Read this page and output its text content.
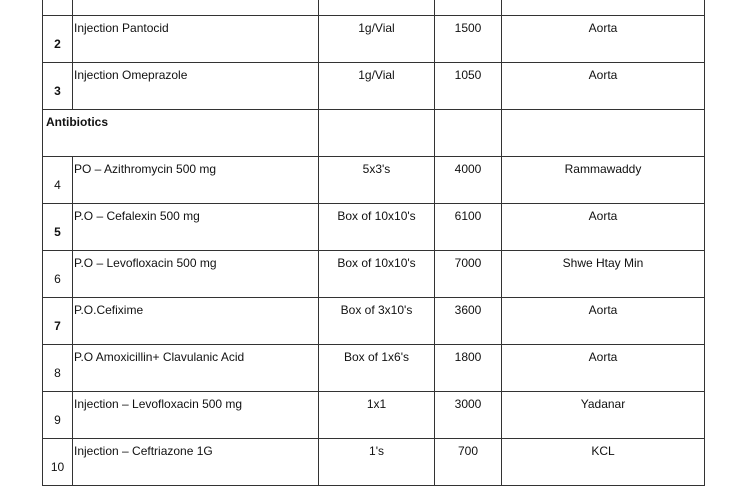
2	Injection Pantocid	1g/Vial	1500	Aorta
3	Injection Omeprazole	1g/Vial	1050	Aorta
Antibiotics				
4	PO – Azithromycin 500 mg	5x3's	4000	Rammawaddy
5	P.O – Cefalexin 500 mg	Box of 10x10's	6100	Aorta
6	P.O – Levofloxacin 500 mg	Box of 10x10's	7000	Shwe Htay Min
7	P.O.Cefixime	Box of 3x10's	3600	Aorta
8	P.O Amoxicillin+ Clavulanic Acid	Box of 1x6's	1800	Aorta
9	Injection – Levofloxacin 500 mg	1x1	3000	Yadanar
10	Injection – Ceftriazone 1G	1's	700	KCL
